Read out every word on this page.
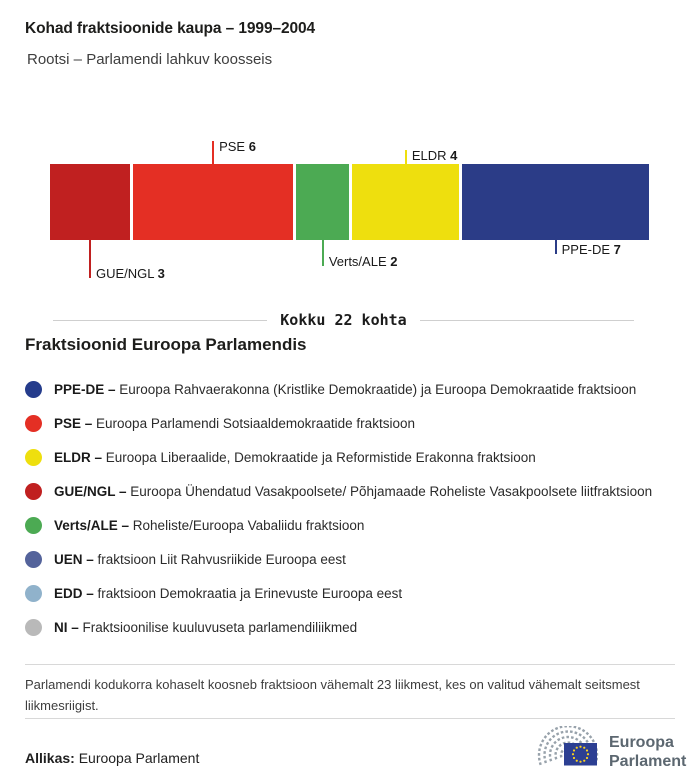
Kohad fraktsioonide kaupa – 1999–2004
Rootsi – Parlamendi lahkuv koosseis
GUE/NGL 3
PSE 6
Verts/ALE 2
ELDR 4
PPE-DE 7
Kokku 22 kohta
Fraktsioonid Euroopa Parlamendis
PPE-DE – Euroopa Rahvaerakonna (Kristlike Demokraatide) ja Euroopa Demokraatide fraktsioon
PSE – Euroopa Parlamendi Sotsiaaldemokraatide fraktsioon
ELDR – Euroopa Liberaalide, Demokraatide ja Reformistide Erakonna fraktsioon
GUE/NGL – Euroopa Ühendatud Vasakpoolsete/ Põhjamaade Roheliste Vasakpoolsete liitfraktsioon
Verts/ALE – Roheliste/Euroopa Vabaliidu fraktsioon
UEN – fraktsioon Liit Rahvusriikide Euroopa eest
EDD – fraktsioon Demokraatia ja Erinevuste Euroopa eest
NI – Fraktsioonilise kuuluvuseta parlamendiliikmed
Parlamendi kodukorra kohaselt koosneb fraktsioon vähemalt 23 liikmest, kes on valitud vähemalt seitsmest liikmesriigist.
Allikas: Euroopa Parlament
Euroopa
Parlament
